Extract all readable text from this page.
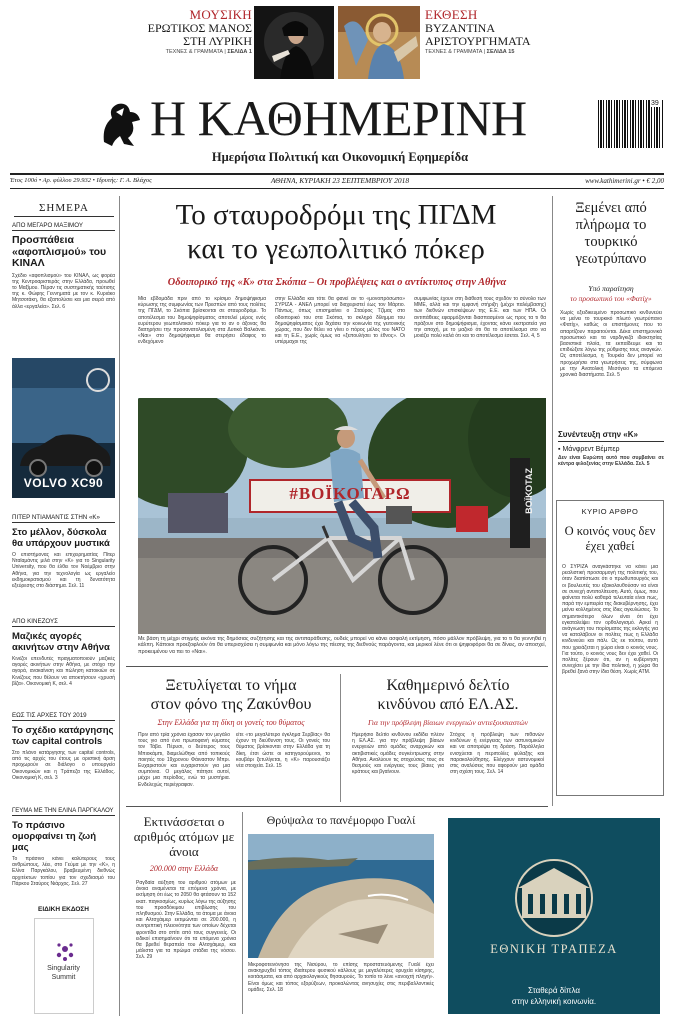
ΜΟΥΣΙΚΗ
ΕΡΩΤΙΚΟΣ ΜΑΝΟΣ
ΣΤΗ ΛΥΡΙΚΗ
ΤΕΧΝΕΣ & ΓΡΑΜΜΑΤΑ | ΣΕΛΙΔΑ 1
ΕΚΘΕΣΗ
ΒΥΖΑΝΤΙΝΑ
ΑΡΙΣΤΟΥΡΓΗΜΑΤΑ
ΤΕΧΝΕΣ & ΓΡΑΜΜΑΤΑ | ΣΕΛΙΔΑ 15
Η ΚΑΘΗΜΕΡΙΝΗ
Ημερήσια Πολιτική και Οικονομική Εφημερίδα
39
Έτος 100ό • Αρ. φύλλου 29.932 • Ιδρυτής: Γ. Α. Βλάχος	ΑΘΗΝΑ, ΚΥΡΙΑΚΗ 23 ΣΕΠΤΕΜΒΡΙΟΥ 2018	www.kathimerini.gr • € 2,00
ΣΗΜΕΡΑ
ΑΠΟ ΜΕΓΑΡΟ ΜΑΞΙΜΟΥ
Προσπάθεια «αφοπλισμού» του ΚΙΝΑΛ
Σχέδιο «αφοπλισμού» του ΚΙΝΑΛ, ως φορέα της Κεντροαριστεράς στην Ελλάδα, προωθεί το Μαξίμου. Πέραν τις συστηματικής ταύτισης της κ. Φώφης Γεννηματά με τον κ. Κυριάκο Μητσοτάκη, θα εξαπολύσει και μια σειρά από άλλα «εργαλεία». Σελ. 6
VOLVO XC90
ΠΙΤΕΡ ΝΤΙΑΜΑΝΤΙΣ ΣΤΗΝ «Κ»
Στο μέλλον, δύσκολα θα υπάρχουν μυστικά
Ο επιστήμονας και επιχειρηματίας Πίτερ Νταϊαμάντις μιλά στην «Κ» για το Singularity University, που θα έλθει τον Νοέμβριο στην Αθήνα, για την τεχνολογία ως εργαλείο εκδημοκρατισμού και τη δυνατότητα εξεύρεσης στο διάστημα. Σελ. 11
ΑΠΟ ΚΙΝΕΖΟΥΣ
Μαζικές αγορές ακινήτων στην Αθήνα
Κινέζοι επενδυτές πραγματοποιούν μαζικές αγορές ακινήτων στην Αθήνα, με στόχο την αγορά, ανακαίνιση και πώληση κατοικιών σε Κινέζους που θέλουν να αποκτήσουν «χρυσή βίζα». Οικονομική Κ, σελ. 4
ΕΩΣ ΤΙΣ ΑΡΧΕΣ ΤΟΥ 2019
Το σχέδιο κατάργησης των capital controls
Στο πλάνο κατάργησης των capital controls, από τις αρχές του έτους με οριστική άρση προχωρούν σε διάλογο ο υπουργείο Οικονομικών και η Τράπεζα της Ελλάδος. Οικονομική Κ, σελ. 3
ΓΕΥΜΑ ΜΕ ΤΗΝ ΕΛΙΝΑ ΠΑΡΓΚΑΛΟΥ
Το πράσινο ομορφαίνει τη ζωή μας
Το πράσινο κάνει καλύτερους τους ανθρώπους, λέει, στο Γεύμα με την «Κ», η Ελίνα Παργκάλου, βραβευμένη διεθνώς αρχιτέκτων τοπίου για τον σχεδιασμό του Πάρκου Σταύρος Νιάρχος. Σελ. 27
ΕΙΔΙΚΗ ΕΚΔΟΣΗ
Singularity
Summit
Το σταυροδρόμι της ΠΓΔΜ
και το γεωπολιτικό πόκερ
Οδοιπορικό της «Κ» στα Σκόπια – Οι προβλέψεις και ο αντίκτυπος στην Αθήνα
Μία εβδομάδα πριν από το κρίσιμο δημοψήφισμα κύρωσης της συμφωνίας των Πρεσπών από τους πολίτες της ΠΓΔΜ, το Σκόπια βρίσκονται σε σταυροδρόμι. Το αποτέλεσμα του δημοψηφίσματος αποτελεί μέρος ενός ευρύτερου γεωπολιτικού πόκερ για το αν ο άξονας θα διατηρήσει την προσανατολισμένη στα Δυτικά Βαλκάνια. «Ναι» στο δημοψήφισμα θα στερήσει έδαφος το ενδεχόμενο
στην Ελλάδα και τότε θα φανεί αν το «μονοπρόσωπο» ΣΥΡΙΖΑ - ΑΝΕΛ μπορεί να διαχειριστεί έως τον Μάρτιο. Πάντως, όπως επισημαίνει ο Σταύρος Τζίμας στο οδοιπορικό του στα Σκόπια, το σκληρό δίλημμα του δημοψηφίσματος έχει διχάσει την κοινωνία της γειτονικής χώρας, που δεν θέλει να γίνει ο πόρος μέλος του ΝΑΤΟ και τη Ε.Ε., χωρίς όμως να «ξεπουλήσει το έθνος». Οι υπέρμαχοι της
συμφωνίας έχουν στη διάθεσή τους σχεδόν το σύνολο των ΜΜΕ, αλλά και την εμφανή στήριξη (μέχρι παλέμβασης) των διεθνών επισκέψεων της Ε.Ε. και των ΗΠΑ. Οι αντιπάθειες εφαρμόζονται διασπασμένοι ως προς τα τι θα πράξουν στο δημοψήφισμα, έχοντας κάνει εκστρατεία για την αποχή, με το μαζικό ότι θα το αποτέλεσμα στο να μοιάζει πολύ καλά ότι και το αποτέλεσμα έσεται. Σελ. 4, 5
#ΒΟΪΚΟΤΑΡΩ	ΒΟΪΚΟΤΑΖ
Με βάση τη μέχρι στιγμής εικόνα της δημόσιας συζήτησης και της αντιπαράθεσης, ουδείς μπορεί να κάνει ασφαλή εκτίμηση, πόσο μάλλον πρόβλεψη, για το τι θα γεννηθεί η κάλπη. Κάποιοι προεξοφλούν ότι θα υπερισχύσει η συμφωνία και μόνο λόγω της πίεσης της διεθνούς παράγοντα, και μερικοί λένε ότι οι ψηφοφόροι θα σε δίνεις, αν αποσχεί, προκειμένου να πει το «Ναι».
Ξετυλίγεται το νήμα
στον φόνο της Ζακύνθου
Στην Ελλάδα για τη δίκη οι γονείς του θύματος
Πριν από τρία χρόνια έχασαν τον μεγάλο τους γιο από ένα πρωτοφανή κύματος τον Τάβα. Πέρυσι, ο δεύτερος τους Μπιοκάμπι, διαμελώθηκε από τοπικούς ποιητές του 19χρονου Φάιναστον Μπρι. Ευχαριστούν και ευχαριστούν για μια συμπόνια. Ο μεγάλος πάτησε αυτοί, μέχρι μια περίοδος, ενώ τα μυστήρια. Ενδελεχώς περιέγραφαν.
είτε «το μεγαλύτερο έγκλημα Σερβίας» θα έχουν τη διεύθυνση τους. Οι γονείς του θύματος βρίσκονται στην Ελλάδα για τη δίκη, έτσι ώστε οι κατηγορούμενοι, το κουβάρι ξετυλίγεται, η «Κ» παρουσιάζει νέα στοιχεία. Σελ. 15
Καθημερινό δελτίο
κινδύνου από ΕΛ.ΑΣ.
Για την πρόβλεψη βίαιων ενεργειών αντιεξουσιαστών
Ημερήσιο δελτίο κινδύνου εκδίδει πλέον η ΕΛ.ΑΣ. για την πρόβλεψη βίαιων ενεργειών από ομάδες αναρχικών και ακτιβιστικές ομάδες συγκέντρωσης στην Αθήνα. Αναλύουν τις στοχεύσεις τους σε θεσμούς και ενέργειες τους βίαιες για κράτους και βγαίνουν.
Στόχος η πρόβλεψη των πιθανών κινδύνων ή ενέργειας των αστυνομικών και να αποτρέψει τη δράση. Παράλληλα ενισχύεται η περιπολίες φύλαξης και παρακολούθησης. Ελέγχουν αστυνομικοί στις αναλύσεις που αφορούν μια ομάδα στη σχέση τους. Σελ. 14
Εκτινάσσεται ο αριθμός ατόμων με άνοια
200.000 στην Ελλάδα
Ραγδαία αύξηση του αριθμού ατόμων με άνοια αναμένεται τα επόμενα χρόνια, με εκτίμηση ότι έως το 2050 θα φτάσουν τα 152 εκατ. παγκοσμίως, κυρίως λόγω της αύξησης του προσδόκιμου επιβίωσης του πληθυσμού. Στην Ελλάδα, τα άτομα με άνοια και Αλτσχάιμερ εκτιμώνται σε 200.000, η συντριπτική πλειονότητα των οποίων δέχεται φροντίδα στο σπίτι από τους συγγενείς. Οι ειδικοί επισημαίνουν ότι τα επόμενα χρόνια θα βρεθεί θεραπεία του Αλτσχάιμερ, και μάλιστα για τα πρώιμα στάδια της νόσου. Σελ. 29
Θρύψαλα το πανέμορφο Γυαλί
Μικροφοτεινόνησο της Νισύρου, το επίσης προστατευόμενης Γυαλί έχει ανακηρυχθεί τόπος ιδιαίτερου φυσικού κάλλους με μεγαλύτερες ορυχεία κίσηρης, κοιτάσματα, και από αρχαιολογικούς θησαυρούς. Το τοπίο το λένε «ανοιχτή πληγή». Είναι όμως και τόπος εξορύξεων, προκαλώντας ανησυχίες στις περιβαλλοντικές ομάδες. Σελ. 18
ΕΘΝΙΚΗ ΤΡΑΠΕΖΑ
Σταθερά δίπλα
στην ελληνική κοινωνία.
Ξεμένει από πλήρωμα το τουρκικό γεωτρύπανο
Υπό παραίτηση
το προσωπικό του «Φατίχ»
Χωρίς εξειδικευμένο προσωπικό κινδυνεύει να μείνει το τουρκικό πλωτό γεωτρύπανο «Φατίχ», καθώς οι επιστήμονες που το απαρτίζουν παραιτούνται. Δέκα επιστημονικά προσωπικό και τα ναρδιγκιζά ιδιοκτησίας βασιστικά πλοία, τα εκπαίδευμε και τα επιδιώξετε λόγω της ρύθμισης τους αναγκών. Ως αποτέλεσμα, η Τουρκία δεν μπορεί να προχωρήσει στα γεωτρήσεις της, σύμφωνα με την Ανατολική Μεσόγειο τα επόμενα χρονικά διαστήματα. Σελ. 5
Συνέντευξη στην «Κ»
▪ Μάνφρεντ Βέμπερ
Δεν είναι Ευρώπη αυτό που συμβαίνει σε κέντρα φιλοξενίας στην Ελλάδα. Σελ. 5
ΚΥΡΙΟ ΑΡΘΡΟ
Ο κοινός νους δεν έχει χαθεί
Ο ΣΥΡΙΖΑ αναγκάστηκε να κάνει μια ρεαλιστική προσαρμογή της πολιτικής του, όταν διαπίστωσε ότι ο πρωθυπουργός και οι βουλευτές του εξακολουθούσαν να είναι σε συνεχή αντιπολίτευση. Αυτό, όμως, που φαίνεται πολύ καθαρά τελευταία είναι πως, παρά την εμπειρία της διακυβέρνησης, έχει μείνει κολλημένος στις ίδιες αγκυλώσεις. Το σημαντικότερο όλων είναι ότι έχει εγκαταλείψει τον ορθολογισμό. Αρκεί η ανάγνωση του πορίσματος της εκλογής για να καταλάβουν οι πολίτες πως η Ελλάδα κινδυνεύει και πάλι. Ως εκ τούτου, αυτό που χρειάζεται η χώρα είναι ο κοινός νους. Για τούτο, ο κοινός νους δεν έχει χαθεί. Οι πολίτες ξέρουν ότι, αν η κυβέρνηση συνεχίσει με την ίδια πολιτική, η χώρα θα βρεθεί ξανά στην ίδια θέση. Χωρίς ΑΤΜ.
